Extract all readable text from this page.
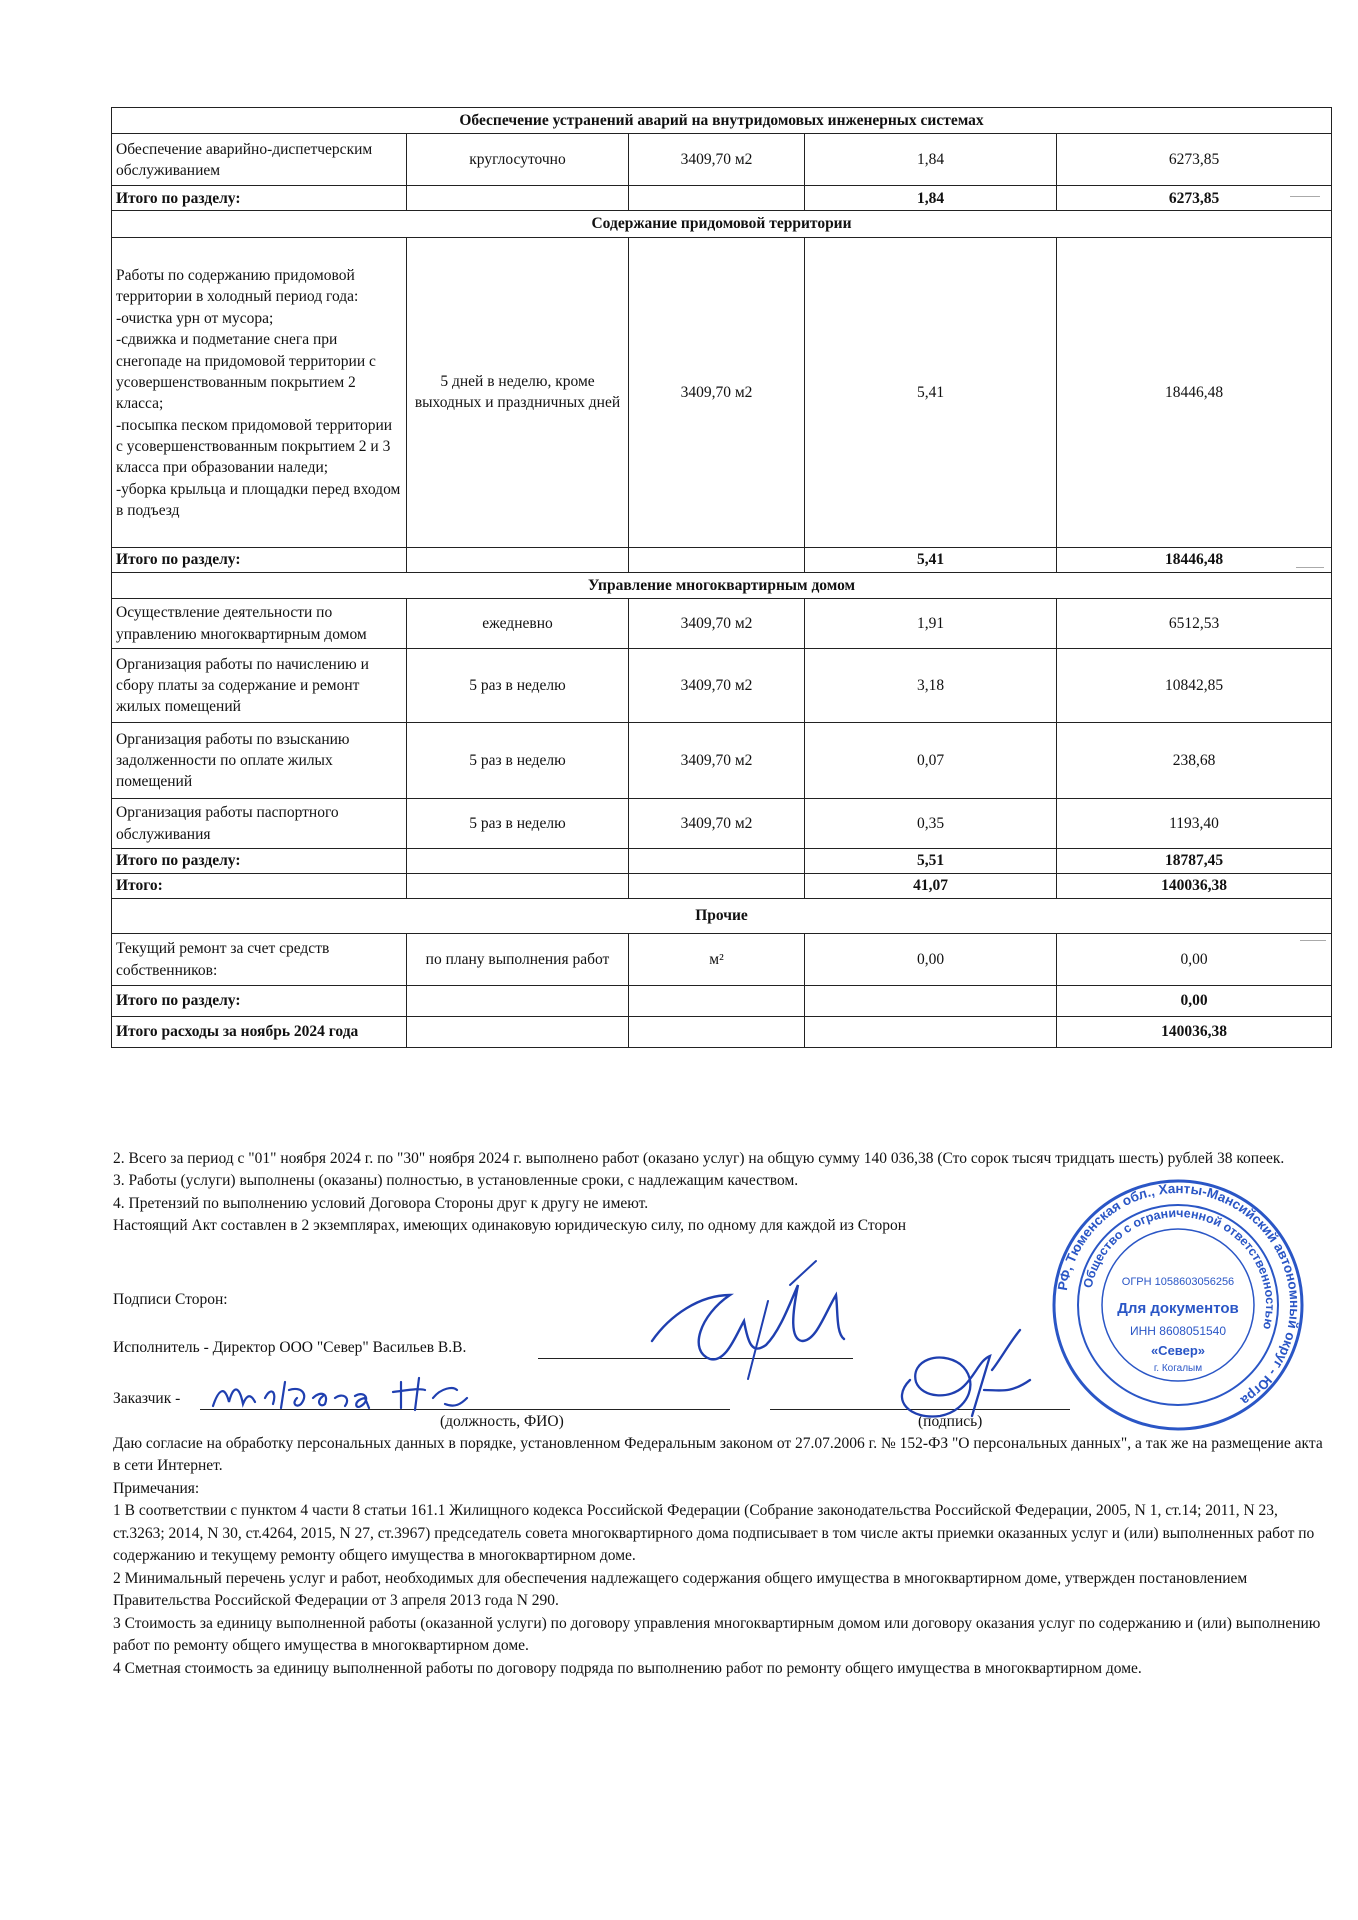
Обеспечение устранений аварий на внутридомовых инженерных системах				
Обеспечение аварийно-диспетчерским обслуживанием	круглосуточно	3409,70 м2	1,84	6273,85
Итого по разделу:			1,84	6273,85
Содержание придомовой территории				
Работы по содержанию придомовой территории в холодный период года:
-очистка урн от мусора;
-сдвижка и подметание снега при снегопаде на придомовой территории с усовершенствованным покрытием 2 класса;
-посыпка песком придомовой территории с усовершенствованным покрытием 2 и 3 класса при образовании наледи;
-уборка крыльца и площадки перед входом в подъезд	5 дней в неделю, кроме выходных и праздничных дней	3409,70 м2	5,41	18446,48
Итого по разделу:			5,41	18446,48
Управление многоквартирным домом				
Осуществление деятельности по управлению многоквартирным домом	ежедневно	3409,70 м2	1,91	6512,53
Организация работы по начислению и сбору платы за содержание и ремонт жилых помещений	5 раз в неделю	3409,70 м2	3,18	10842,85
Организация работы по взысканию задолженности по оплате жилых помещений	5 раз в неделю	3409,70 м2	0,07	238,68
Организация работы паспортного обслуживания	5 раз в неделю	3409,70 м2	0,35	1193,40
Итого по разделу:			5,51	18787,45
Итого:			41,07	140036,38
Прочие				
Текущий ремонт за счет средств собственников:	по плану выполнения работ	м²	0,00	0,00
Итого по разделу:				0,00
Итого расходы за ноябрь 2024 года				140036,38

2. Всего за период с "01" ноября 2024 г. по "30" ноября 2024 г. выполнено работ (оказано услуг) на общую сумму 140 036,38 (Сто сорок тысяч тридцать шесть) рублей 38 копеек.

3. Работы (услуги) выполнены (оказаны) полностью, в установленные сроки, с надлежащим качеством.

4. Претензий по выполнению условий Договора Стороны друг к другу не имеют.

Настоящий Акт составлен в 2 экземплярах, имеющих одинаковую юридическую силу, по одному для каждой из Сторон

Подписи Сторон:
Исполнитель - Директор ООО "Север" Васильев В.В.
Заказчик -
(должность, ФИО)	(подпись)
Миронова НС
РФ, Тюменская обл., Ханты-Мансийский автономный округ - Югра
Общество с ограниченной ответственностью
ОГРН 1058603056256
Для документов
ИНН 8608051540
«Север»
г. Когалым

Даю согласие на обработку персональных данных в порядке, установленном Федеральным законом от 27.07.2006 г. № 152-ФЗ "О персональных данных", а так же на размещение акта в сети Интернет.

Примечания:

1 В соответствии с пунктом 4 части 8 статьи 161.1 Жилищного кодекса Российской Федерации (Собрание законодательства Российской Федерации, 2005, N 1, ст.14; 2011, N 23, ст.3263; 2014, N 30, ст.4264, 2015, N 27, ст.3967) председатель совета многоквартирного дома подписывает в том числе акты приемки оказанных услуг и (или) выполненных работ по содержанию и текущему ремонту общего имущества в многоквартирном доме.

2 Минимальный перечень услуг и работ, необходимых для обеспечения надлежащего содержания общего имущества в многоквартирном доме, утвержден постановлением Правительства Российской Федерации от 3 апреля 2013 года N 290.

3 Стоимость за единицу выполненной работы (оказанной услуги) по договору управления многоквартирным домом или договору оказания услуг по содержанию и (или) выполнению работ по ремонту общего имущества в многоквартирном доме.

4 Сметная стоимость за единицу выполненной работы по договору подряда по выполнению работ по ремонту общего имущества в многоквартирном доме.
